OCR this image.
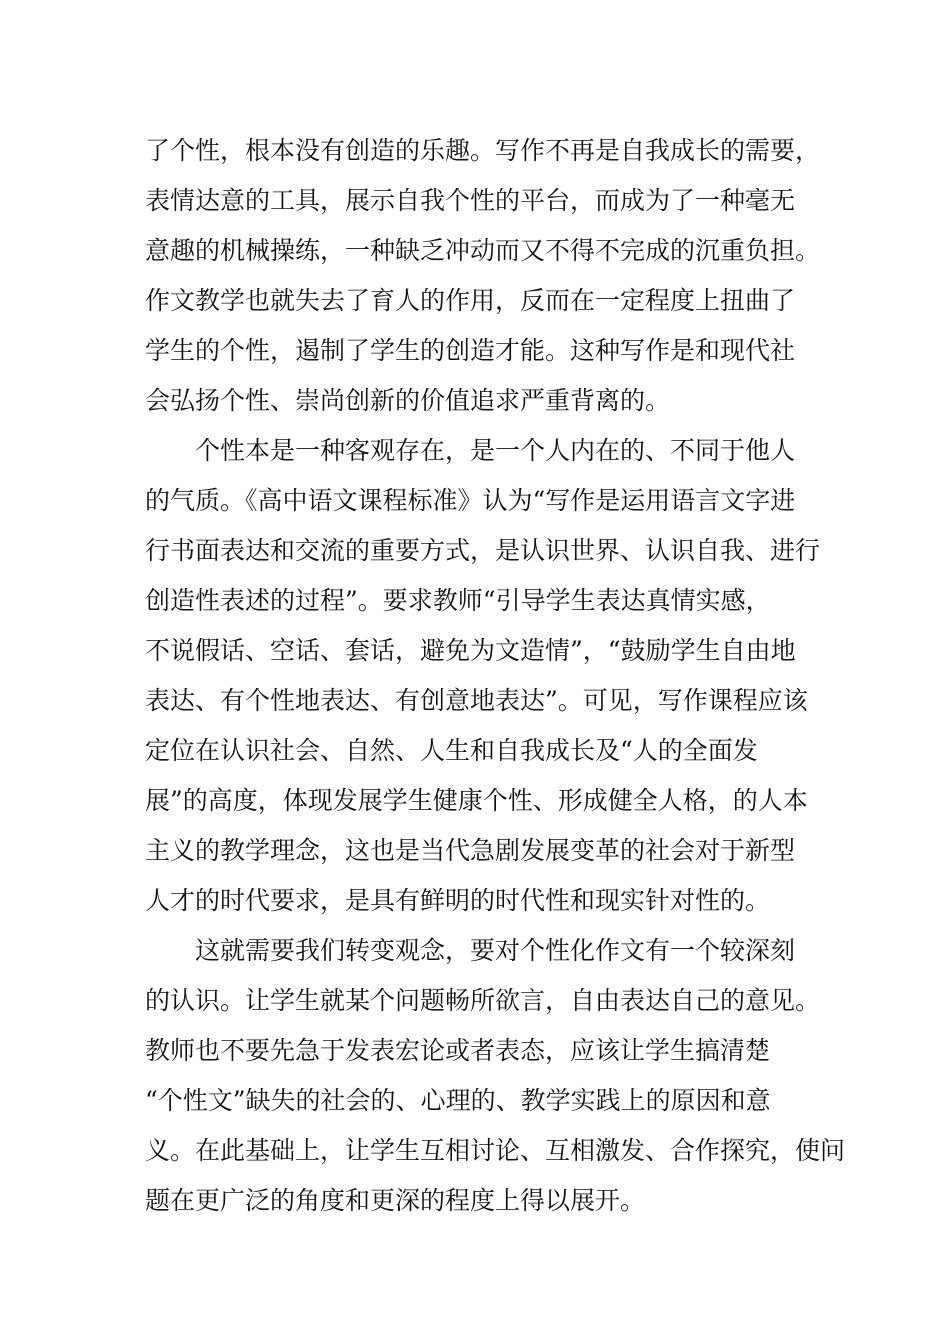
了个性，根本没有创造的乐趣。写作不再是自我成长的需要，
表情达意的工具，展示自我个性的平台，而成为了一种毫无
意趣的机械操练，一种缺乏冲动而又不得不完成的沉重负担。
作文教学也就失去了育人的作用，反而在一定程度上扭曲了
学生的个性，遏制了学生的创造才能。这种写作是和现代社
会弘扬个性、崇尚创新的价值追求严重背离的。
个性本是一种客观存在，是一个人内在的、不同于他人
的气质。《高中语文课程标准》认为“写作是运用语言文字进
行书面表达和交流的重要方式，是认识世界、认识自我、进行
创造性表述的过程”。要求教师“引导学生表达真情实感，
不说假话、空话、套话，避免为文造情”，“鼓励学生自由地
表达、有个性地表达、有创意地表达”。可见，写作课程应该
定位在认识社会、自然、人生和自我成长及“人的全面发
展”的高度，体现发展学生健康个性、形成健全人格，的人本
主义的教学理念，这也是当代急剧发展变革的社会对于新型
人才的时代要求，是具有鲜明的时代性和现实针对性的。
这就需要我们转变观念，要对个性化作文有一个较深刻
的认识。让学生就某个问题畅所欲言，自由表达自己的意见。
教师也不要先急于发表宏论或者表态，应该让学生搞清楚
“个性文”缺失的社会的、心理的、教学实践上的原因和意
义。在此基础上，让学生互相讨论、互相激发、合作探究，使问
题在更广泛的角度和更深的程度上得以展开。
